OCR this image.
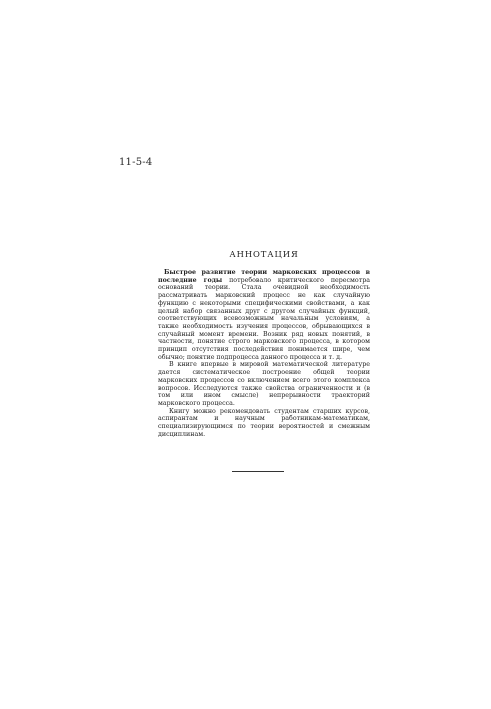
11-5-4
АННОТАЦИЯ

Быстрое развитие теории марковских процессов в последние годы потребовало критического пересмотра оснований теории. Стала очевидной необходимость рассматривать марковский процесс не как случайную функцию с некоторыми специфическими свойствами, а как целый набор связанных друг с другом случайных функций, соответствующих всевозможным начальным условиям, а также необходимость изучения процессов, обрывающихся в случайный момент времени. Возник ряд новых понятий, в частности, понятие строго марковского процесса, в котором принцип отсутствия последействия понимается шире, чем обычно; понятие подпроцесса данного процесса и т. д.

В книге впервые в мировой математической литературе дается систематическое построение общей теории марковских процессов со включением всего этого комплекса вопросов. Исследуются также свойства ограниченности и (в том или ином смысле) непрерывности траекторий марковского процесса.

Книгу можно рекомендовать студентам старших курсов, аспирантам и научным работникам-математикам, специализирующимся по теории вероятностей и смежным дисциплинам.
